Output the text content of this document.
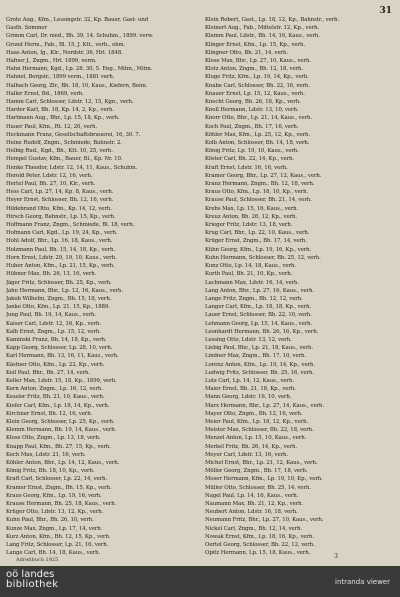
31
Grote Aug., Kfm., Lessingstr. 32, Kp. Bauer, Gast- und
Gasth. Sommer
Grimm Carl, Dr. med., Bh. 39, 14. Schuhm., 1899. verw.
Grund Herm., Fab., Bl. 15, J. Ktt., verh., ehm.
Haas Anton, Ig., Klr., Nordstr. 36, Hrl. 1848.
Hafner J., Zngm., Hrl. 1899, verm.
Hahn Hermann, Kgd., Lp. 28. 30, 5. Eng., Mitm., Mitm.
Hahnel, Bergstr., 1899 verm., 1881 verh.
Halbach Georg, Zlr., Bh. 18, 10, Kaus., Kiefern, Beim.
Haller Ernst, Bd., 1869, verh.
Hamm Carl, Schlosser, Ldstr. 12, 15, Kgn., verh.
Harder Karl, Bh. 18, Kp. 14, 2, Kp., verh.
Hartmann Aug., Bhr., Lp. 15, 18, Kp., verh.
Hauer Paul, Kfm., Rt. 12, 20, verh.
Heckmann Franz, Gesellschaftsbrauerei, 16, 30. 7.
Heine Rudolf, Zngm., Schmiede, Bahnstr. 2.
Helbig Rud., Kgd., Bh., Ktt. 10, 25, verh.
Hempel Gustav, Kfm., Bauer, Bl., Kp. Nr. 10.
Henke Theodor, Ldstr. 12, 14, 11, Kaus., Schuhm.
Herold Peter, Ldstr. 12, 16, verh.
Hertel Paul, Bh. 27, 10, Klr., verh.
Hess Carl, Lp. 27, 14, Kp. 8, Kaus., verh.
Heyer Ernst, Schlosser, Bh. 12, 16, verh.
Hildebrand Otto, Kfm., Kp. 14, 12, verh.
Hirsch Georg, Bahnstr., Lp. 15, Kp., verh.
Hoffmann Franz, Zngm., Schmiede, Bl. 18, verh.
Hofmann Carl, Kgd., Lp. 19, 24, Kp., verh.
Hohl Adolf, Bhr., Lp. 16, 18, Kaus., verh.
Holzmann Paul, Bh. 15, 14, 18, Kp., verh.
Horn Ernst, Ldstr. 29, 19, 10, Kaus., verh.
Huber Anton, Kfm., Lp. 21, 15, Kp., verh.
Hübner Max, Bh. 26, 13, 16, verh.
Jäger Fritz, Schlosser, Bh. 25, Kp., verh.
Jahn Hermann, Bhr., Lp. 12, 16, Kaus., verh.
Jakob Wilhelm, Zngm., Bh. 15, 18, verh.
Janke Otto, Kfm., Lp. 21, 15, Kp., 1889.
Jung Paul, Bh. 19, 14, Kaus., verh.
Kaiser Carl, Ldstr. 12, 16, Kp., verh.
Kalb Ernst, Zngm., Lp. 15, 12, verh.
Kaminski Franz, Bh. 14, 18, Kp., verh.
Kapp Georg, Schlosser, Lp. 28, 10, verh.
Karl Hermann, Bh. 13, 16, 11, Kaus., verh.
Kästner Otto, Kfm., Lp. 22, Kp., verh.
Keil Paul, Bhr., Bh. 27, 14, verh.
Keller Max, Ldstr. 15, 18, Kp., 1899, verh.
Kern Anton, Zngm., Lp. 16, 12, verh.
Kessler Fritz, Bh. 21, 10, Kaus., verh.
Kiefer Carl, Kfm., Lp. 18, 14, Kp., verh.
Kirchner Ernst, Bh. 12, 16, verh.
Klein Georg, Schlosser, Lp. 25, Kp., verh.
Klemm Hermann, Bh. 19, 14, Kaus., verh.
Klose Otto, Zngm., Lp. 13, 18, verh.
Knapp Paul, Kfm., Bh. 27, 15, Kp., verh.
Koch Max, Ldstr. 21, 16, verh.
Köhler Anton, Bhr., Lp. 14, 12, Kaus., verh.
König Fritz, Bh. 18, 10, Kp., verh.
Kraft Carl, Schlosser, Lp. 22, 14, verh.
Kramer Ernst, Zngm., Bh. 15, Kp., verh.
Kraus Georg, Kfm., Lp. 19, 16, verh.
Krause Hermann, Bh. 25, 18, Kaus., verh.
Krüger Otto, Ldstr. 13, 12, Kp., verh.
Kuhn Paul, Bhr., Bh. 26, 10, verh.
Kunze Max, Zngm., Lp. 17, 14, verh.
Kurz Anton, Kfm., Bh. 12, 15, Kp., verh.
Lang Fritz, Schlosser, Lp. 21, 16, verh.
Lange Carl, Bh. 14, 18, Kaus., verh.
Klein Robert, Gast., Lp. 18, 12, Kp., Bahnstr., verh.
Kleinert Aug., Fab., Mittelstr. 12, Kp., verh.
Klemm Paul, Ldstr., Bh. 14, 16, Kaus., verh.
Klinger Ernst, Kfm., Lp. 15, Kp., verh.
Klingner Otto, Bh. 21, 14, verh.
Klose Max, Bhr., Lp. 27, 10, Kaus., verh.
Klotz Anton, Zngm., Bh. 12, 18, verh.
Kluge Fritz, Kfm., Lp. 19, 14, Kp., verh.
Knabe Carl, Schlosser, Bh. 22, 16, verh.
Knauer Ernst, Lp. 15, 12, Kaus., verh.
Knecht Georg, Bh. 26, 18, Kp., verh.
Knoll Hermann, Ldstr. 13, 10, verh.
Knorr Otto, Bhr., Lp. 21, 14, Kaus., verh.
Koch Paul, Zngm., Bh. 17, 16, verh.
Köhler Max, Kfm., Lp. 25, 12, Kp., verh.
Kolb Anton, Schlosser, Bh. 14, 18, verh.
König Fritz, Lp. 19, 10, Kaus., verh.
Köster Carl, Bh. 22, 14, Kp., verh.
Kraft Ernst, Ldstr. 16, 16, verh.
Kramer Georg, Bhr., Lp. 27, 12, Kaus., verh.
Kranz Hermann, Zngm., Bh. 12, 18, verh.
Kraus Otto, Kfm., Lp. 18, 10, Kp., verh.
Krause Paul, Schlosser, Bh. 21, 14, verh.
Krebs Max, Lp. 15, 16, Kaus., verh.
Kreuz Anton, Bh. 26, 12, Kp., verh.
Krieger Fritz, Ldstr. 13, 18, verh.
Krug Carl, Bhr., Lp. 22, 10, Kaus., verh.
Krüger Ernst, Zngm., Bh. 17, 14, verh.
Kühn Georg, Kfm., Lp. 19, 16, Kp., verh.
Kuhn Hermann, Schlosser, Bh. 25, 12, verh.
Kunz Otto, Lp. 14, 18, Kaus., verh.
Kurth Paul, Bh. 21, 10, Kp., verh.
Lachmann Max, Ldstr. 16, 14, verh.
Lang Anton, Bhr., Lp. 27, 16, Kaus., verh.
Lange Fritz, Zngm., Bh. 12, 12, verh.
Langer Carl, Kfm., Lp. 18, 18, Kp., verh.
Lauer Ernst, Schlosser, Bh. 22, 10, verh.
Lehmann Georg, Lp. 15, 14, Kaus., verh.
Leonhardt Hermann, Bh. 26, 16, Kp., verh.
Lessing Otto, Ldstr. 13, 12, verh.
Liebig Paul, Bhr., Lp. 21, 18, Kaus., verh.
Lindner Max, Zngm., Bh. 17, 10, verh.
Lorenz Anton, Kfm., Lp. 19, 14, Kp., verh.
Ludwig Fritz, Schlosser, Bh. 25, 16, verh.
Lutz Carl, Lp. 14, 12, Kaus., verh.
Maier Ernst, Bh. 21, 18, Kp., verh.
Mann Georg, Ldstr. 16, 10, verh.
Marx Hermann, Bhr., Lp. 27, 14, Kaus., verh.
Mayer Otto, Zngm., Bh. 12, 16, verh.
Meier Paul, Kfm., Lp. 18, 12, Kp., verh.
Meister Max, Schlosser, Bh. 22, 18, verh.
Menzel Anton, Lp. 15, 10, Kaus., verh.
Merkel Fritz, Bh. 26, 14, Kp., verh.
Meyer Carl, Ldstr. 13, 16, verh.
Michel Ernst, Bhr., Lp. 21, 12, Kaus., verh.
Möller Georg, Zngm., Bh. 17, 18, verh.
Moser Hermann, Kfm., Lp. 19, 10, Kp., verh.
Müller Otto, Schlosser, Bh. 25, 14, verh.
Nagel Paul, Lp. 14, 16, Kaus., verh.
Naumann Max, Bh. 21, 12, Kp., verh.
Neubert Anton, Ldstr. 16, 18, verh.
Neumann Fritz, Bhr., Lp. 27, 10, Kaus., verh.
Nickel Carl, Zngm., Bh. 12, 14, verh.
Nowak Ernst, Kfm., Lp. 18, 16, Kp., verh.
Oertel Georg, Schlosser, Bh. 22, 12, verh.
Opitz Hermann, Lp. 15, 18, Kaus., verh.
Adreßbuch 1925	3
oö landes
bibliothek	intranda viewer
